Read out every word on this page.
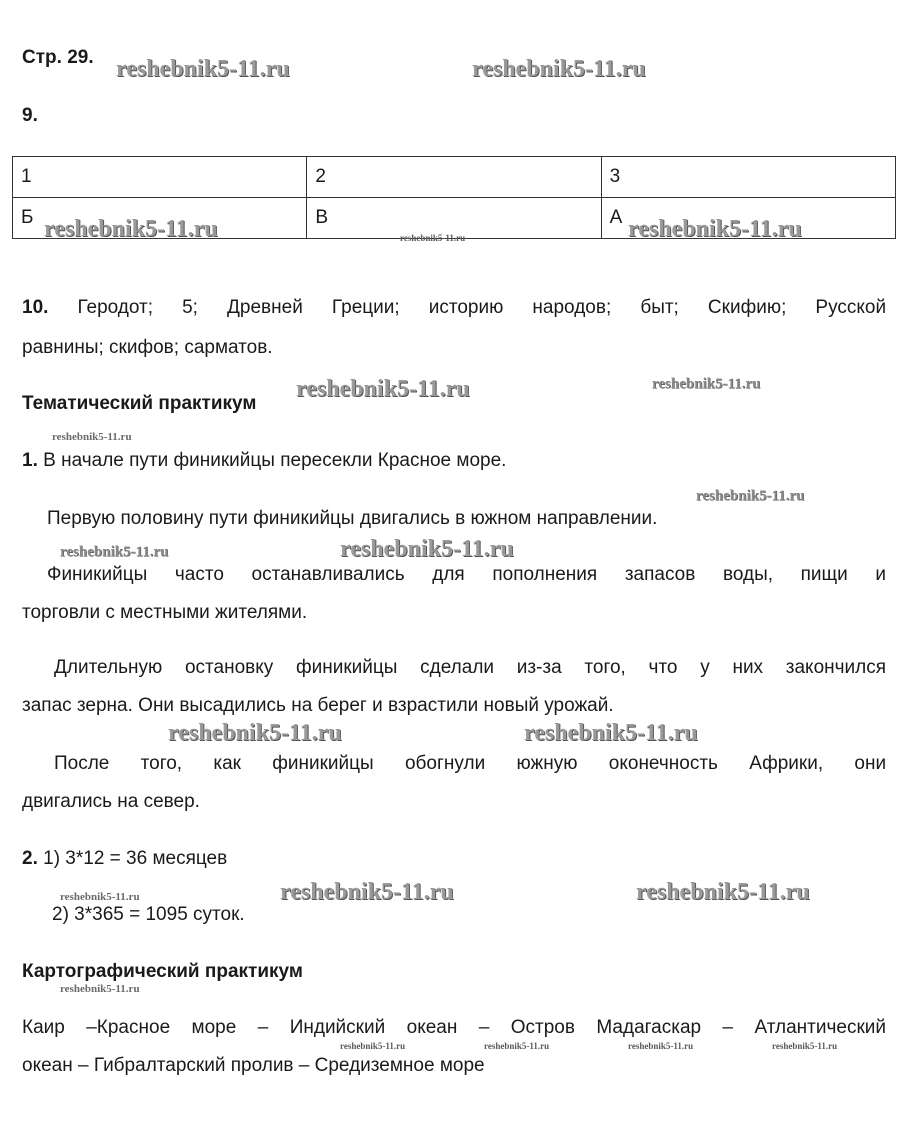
Стр. 29.
9.
1	2	3
Б	В	А
10. Геродот; 5; Древней Греции; историю народов; быт; Скифию; Русской
равнины; скифов; сарматов.
Тематический практикум
1. В начале пути финикийцы пересекли Красное море.
Первую половину пути финикийцы двигались в южном направлении.
Финикийцы часто останавливались для пополнения запасов воды, пищи и
торговли с местными жителями.
Длительную остановку финикийцы сделали из-за того, что у них закончился
запас зерна. Они высадились на берег и взрастили новый урожай.
После того, как финикийцы обогнули южную оконечность Африки, они
двигались на север.
2. 1) 3*12 = 36 месяцев
2) 3*365 = 1095 суток.
Картографический практикум
Каир –Красное море – Индийский океан – Остров Мадагаскар – Атлантический
океан – Гибралтарский пролив – Средиземное море
reshebnik5-11.ru	reshebnik5-11.ru
reshebnik5-11.ru	reshebnik5-11.ru	reshebnik5-11.ru
reshebnik5-11.ru	reshebnik5-11.ru
reshebnik5-11.ru
reshebnik5-11.ru
reshebnik5-11.ru	reshebnik5-11.ru
reshebnik5-11.ru	reshebnik5-11.ru
reshebnik5-11.ru	reshebnik5-11.ru	reshebnik5-11.ru
reshebnik5-11.ru
reshebnik5-11.ru	reshebnik5-11.ru	reshebnik5-11.ru	reshebnik5-11.ru
